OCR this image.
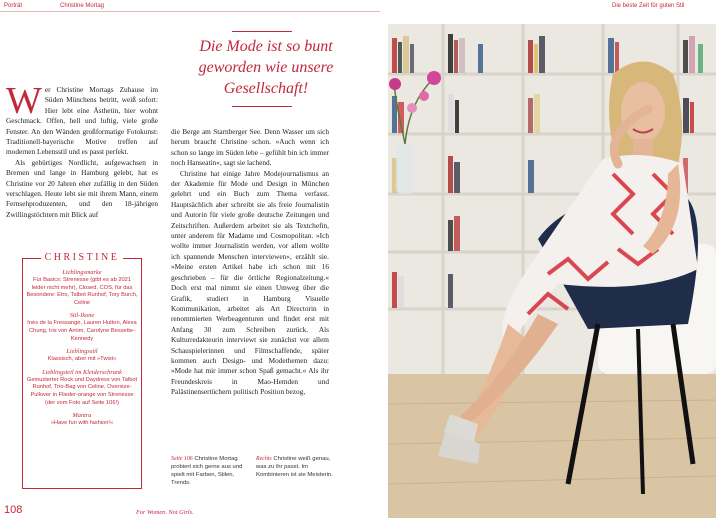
Porträt	Christine Mortag	Die beste Zeit für guten Stil
Die Mode ist so bunt
geworden wie unsere
Gesellschaft!

Wer Christine Mortags Zuhause im Süden Münchens betritt, weiß sofort: Hier lebt eine Ästhetin, hier wohnt Geschmack. Offen, hell und luftig, viele große Fenster. An den Wänden großformatige Fotokunst: Traditionell-bayerische Motive treffen auf modernen Lebensstil und es passt perfekt.

Als gebürtiges Nordlicht, aufgewachsen in Bremen und lange in Hamburg gelebt, hat es Christine vor 20 Jahren eher zufällig in den Süden verschlagen. Heute lebt sie mit ihrem Mann, einem Fernsehproduzenten, und den 18-jährigen Zwillingstöchtern mit Blick auf

die Berge am Starnberger See. Denn Wasser um sich herum braucht Christine schon. »Auch wenn ich schon so lange im Süden lebe – gefühlt bin ich immer noch Hanseatin«, sagt sie lachend.

Christine hat einige Jahre Modejournalismus an der Akademie für Mode und Design in München gelehrt und ein Buch zum Thema verfasst. Hauptsächlich aber schreibt sie als freie Journalistin und Autorin für viele große deutsche Zeitungen und Zeitschriften. Außerdem arbeitet sie als Textchefin, unter anderem für Madame und Cosmopolitan. »Ich wollte immer Journalistin werden, vor allem wollte ich spannende Menschen interviewen«, erzählt sie. »Meine ersten Artikel habe ich schon mit 16 geschrieben – für die örtliche Regionalzeitung.« Doch erst mal nimmt sie einen Umweg über die Grafik, studiert in Hamburg Visuelle Kommunikation, arbeitet als Art Directorin in renommierten Werbeagenturen und findet erst mit Anfang 30 zum Schreiben zurück. Als Kulturredakteurin interviewt sie zunächst vor allem Schauspielerinnen und Filmschaffende, später kommen auch Design- und Modethemen dazu: »Mode hat mir immer schon Spaß gemacht.« Als ihr Freundeskreis in Mao-Hemden und Palästinensertüchern politisch Position bezog,

CHRISTINE
Lieblingsmarke
Für Basics: Strenesse (gibt es ab 2021 leider nicht mehr), Closed, COS, für das Besondere: Etro, Talbot Runhof, Tory Burch, Celine
Stil-Ikone
Inès de la Fressange, Lauren Hutton, Alexa Chung, Iris von Arnim, Carolyne Bessette-Kennedy
Lieblingsstil
Klassisch, aber mit »Twist«
Lieblingsteil im Kleiderschrank
Gemusterter Rock und Daydress von Talbot Runhof, Trio-Bag von Celine, Oversize-Pullover in Flieder-orange von Strenesse (der vom Foto auf Seite 106!)
Mantra
»Have fun with fashion!«
Seite 106 Christine Mortag probiert sich gerne aus und spielt mit Farben, Stilen, Trends.
Rechts Christine weiß genau, was zu ihr passt. Im Kombinieren ist sie Meisterin.
108	For Women. Not Girls.
